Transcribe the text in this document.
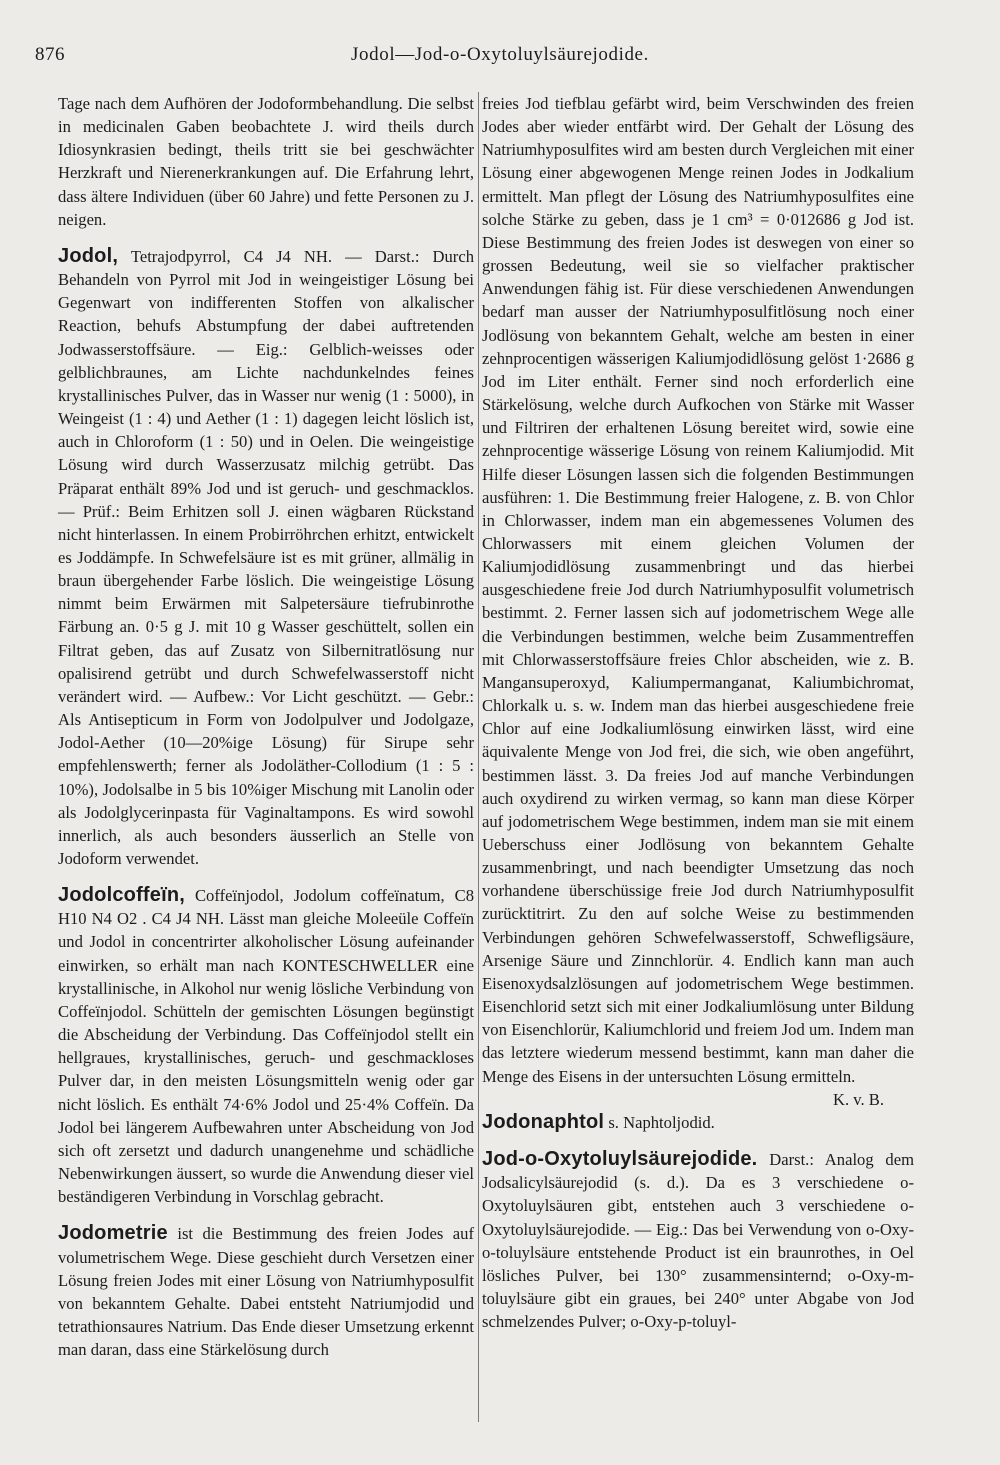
876	Jodol—Jod-o-Oxytoluylsäurejodide.

Tage nach dem Aufhören der Jodoformbehandlung. Die selbst in medicinalen Gaben beobachtete J. wird theils durch Idiosynkrasien bedingt, theils tritt sie bei geschwächter Herzkraft und Nierenerkrankungen auf. Die Erfahrung lehrt, dass ältere Individuen (über 60 Jahre) und fette Personen zu J. neigen.

Jodol, Tetrajodpyrrol, C4 J4 NH. — Darst.: Durch Behandeln von Pyrrol mit Jod in weingeistiger Lösung bei Gegenwart von indifferenten Stoffen von alkalischer Reaction, behufs Abstumpfung der dabei auftretenden Jodwasserstoffsäure. — Eig.: Gelblich-weisses oder gelblichbraunes, am Lichte nachdunkelndes feines krystallinisches Pulver, das in Wasser nur wenig (1 : 5000), in Weingeist (1 : 4) und Aether (1 : 1) dagegen leicht löslich ist, auch in Chloroform (1 : 50) und in Oelen. Die weingeistige Lösung wird durch Wasserzusatz milchig getrübt. Das Präparat enthält 89% Jod und ist geruch- und geschmacklos. — Prüf.: Beim Erhitzen soll J. einen wägbaren Rückstand nicht hinterlassen. In einem Probirröhrchen erhitzt, entwickelt es Joddämpfe. In Schwefelsäure ist es mit grüner, allmälig in braun übergehender Farbe löslich. Die weingeistige Lösung nimmt beim Erwärmen mit Salpetersäure tiefrubinrothe Färbung an. 0·5 g J. mit 10 g Wasser geschüttelt, sollen ein Filtrat geben, das auf Zusatz von Silbernitratlösung nur opalisirend getrübt und durch Schwefelwasserstoff nicht verändert wird. — Aufbew.: Vor Licht geschützt. — Gebr.: Als Antisepticum in Form von Jodolpulver und Jodolgaze, Jodol-Aether (10—20%ige Lösung) für Sirupe sehr empfehlenswerth; ferner als Jodoläther-Collodium (1 : 5 : 10%), Jodolsalbe in 5 bis 10%iger Mischung mit Lanolin oder als Jodolglycerinpasta für Vaginaltampons. Es wird sowohl innerlich, als auch besonders äusserlich an Stelle von Jodoform verwendet.

Jodolcoffeïn, Coffeïnjodol, Jodolum coffeïnatum, C8 H10 N4 O2 . C4 J4 NH. Lässt man gleiche Moleeüle Coffeïn und Jodol in concentrirter alkoholischer Lösung aufeinander einwirken, so erhält man nach KONTESCHWELLER eine krystallinische, in Alkohol nur wenig lösliche Verbindung von Coffeïnjodol. Schütteln der gemischten Lösungen begünstigt die Abscheidung der Verbindung. Das Coffeïnjodol stellt ein hellgraues, krystallinisches, geruch- und geschmackloses Pulver dar, in den meisten Lösungsmitteln wenig oder gar nicht löslich. Es enthält 74·6% Jodol und 25·4% Coffeïn. Da Jodol bei längerem Aufbewahren unter Abscheidung von Jod sich oft zersetzt und dadurch unangenehme und schädliche Nebenwirkungen äussert, so wurde die Anwendung dieser viel beständigeren Verbindung in Vorschlag gebracht.

Jodometrie ist die Bestimmung des freien Jodes auf volumetrischem Wege. Diese geschieht durch Versetzen einer Lösung freien Jodes mit einer Lösung von Natriumhyposulfit von bekanntem Gehalte. Dabei entsteht Natriumjodid und tetrathionsaures Natrium. Das Ende dieser Umsetzung erkennt man daran, dass eine Stärkelösung durch

freies Jod tiefblau gefärbt wird, beim Verschwinden des freien Jodes aber wieder entfärbt wird. Der Gehalt der Lösung des Natriumhyposulfites wird am besten durch Vergleichen mit einer Lösung einer abgewogenen Menge reinen Jodes in Jodkalium ermittelt. Man pflegt der Lösung des Natriumhyposulfites eine solche Stärke zu geben, dass je 1 cm³ = 0·012686 g Jod ist. Diese Bestimmung des freien Jodes ist deswegen von einer so grossen Bedeutung, weil sie so vielfacher praktischer Anwendungen fähig ist. Für diese verschiedenen Anwendungen bedarf man ausser der Natriumhyposulfitlösung noch einer Jodlösung von bekanntem Gehalt, welche am besten in einer zehnprocentigen wässerigen Kaliumjodidlösung gelöst 1·2686 g Jod im Liter enthält. Ferner sind noch erforderlich eine Stärkelösung, welche durch Aufkochen von Stärke mit Wasser und Filtriren der erhaltenen Lösung bereitet wird, sowie eine zehnprocentige wässerige Lösung von reinem Kaliumjodid. Mit Hilfe dieser Lösungen lassen sich die folgenden Bestimmungen ausführen: 1. Die Bestimmung freier Halogene, z. B. von Chlor in Chlorwasser, indem man ein abgemessenes Volumen des Chlorwassers mit einem gleichen Volumen der Kaliumjodidlösung zusammenbringt und das hierbei ausgeschiedene freie Jod durch Natriumhyposulfit volumetrisch bestimmt. 2. Ferner lassen sich auf jodometrischem Wege alle die Verbindungen bestimmen, welche beim Zusammentreffen mit Chlorwasserstoffsäure freies Chlor abscheiden, wie z. B. Mangansuperoxyd, Kaliumpermanganat, Kaliumbichromat, Chlorkalk u. s. w. Indem man das hierbei ausgeschiedene freie Chlor auf eine Jodkaliumlösung einwirken lässt, wird eine äquivalente Menge von Jod frei, die sich, wie oben angeführt, bestimmen lässt. 3. Da freies Jod auf manche Verbindungen auch oxydirend zu wirken vermag, so kann man diese Körper auf jodometrischem Wege bestimmen, indem man sie mit einem Ueberschuss einer Jodlösung von bekanntem Gehalte zusammenbringt, und nach beendigter Umsetzung das noch vorhandene überschüssige freie Jod durch Natriumhyposulfit zurücktitrirt. Zu den auf solche Weise zu bestimmenden Verbindungen gehören Schwefelwasserstoff, Schwefligsäure, Arsenige Säure und Zinnchlorür. 4. Endlich kann man auch Eisenoxydsalzlösungen auf jodometrischem Wege bestimmen. Eisenchlorid setzt sich mit einer Jodkaliumlösung unter Bildung von Eisenchlorür, Kaliumchlorid und freiem Jod um. Indem man das letztere wiederum messend bestimmt, kann man daher die Menge des Eisens in der untersuchten Lösung ermitteln.

K. v. B.

Jodonaphtol s. Naphtoljodid.

Jod-o-Oxytoluylsäurejodide. Darst.: Analog dem Jodsalicylsäurejodid (s. d.). Da es 3 verschiedene o-Oxytoluylsäuren gibt, entstehen auch 3 verschiedene o-Oxytoluylsäurejodide. — Eig.: Das bei Verwendung von o-Oxy-o-toluylsäure entstehende Product ist ein braunrothes, in Oel lösliches Pulver, bei 130° zusammensinternd; o-Oxy-m-toluylsäure gibt ein graues, bei 240° unter Abgabe von Jod schmelzendes Pulver; o-Oxy-p-toluyl-
